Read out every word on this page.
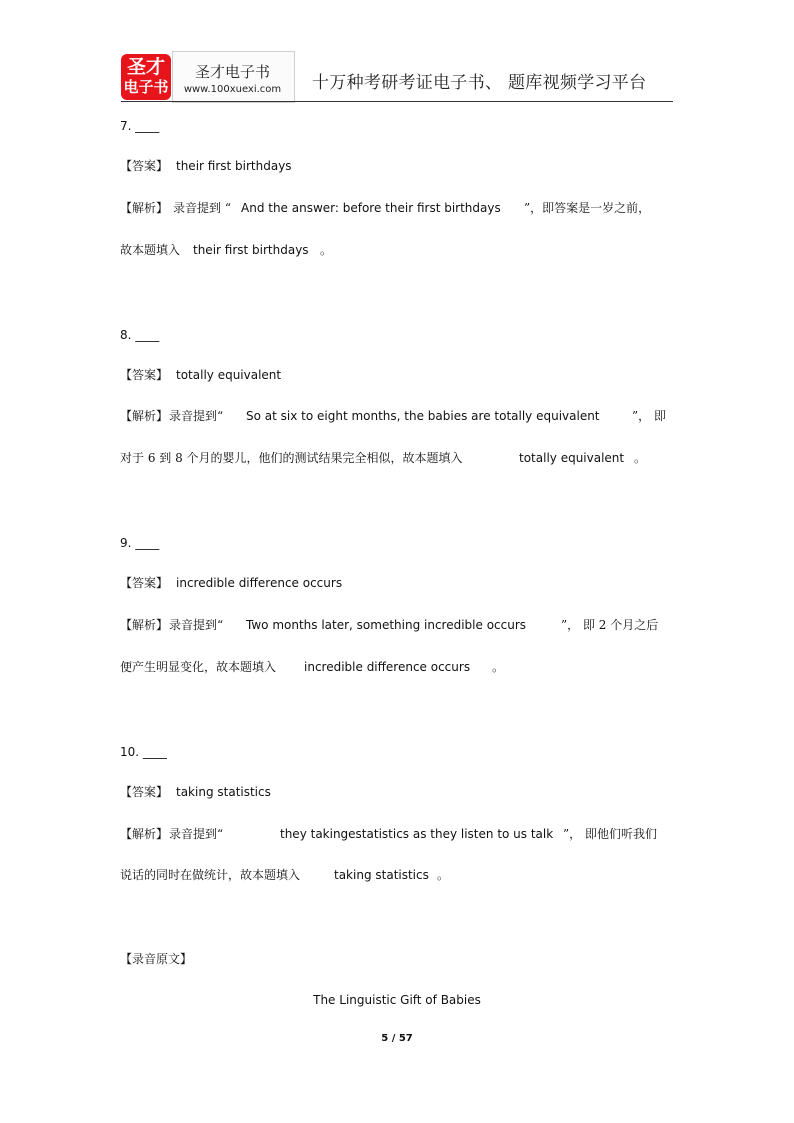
圣才
电子书
圣才电子书
www.100xuexi.com	十万种考研考证电子书、 题库视频学习平台
7. ____
【答案】 their first birthdays
【解析】 录音提到 “ And the answer: before their first birthdays ”，即答案是一岁之前，
故本题填入 their first birthdays 。
8. ____
【答案】 totally equivalent
【解析】 录音提到“ So at six to eight months, the babies are totally equivalent	”， 即
对于 6 到 8 个月的婴儿，他们的测试结果完全相似，故本题填入	totally equivalent 。
9. ____
【答案】 incredible difference occurs
【解析】 录音提到“ Two months later, something incredible occurs	”， 即 2 个月之后
便产生明显变化，故本题填入 incredible difference occurs 。
10. ____
【答案】 taking statistics
【解析】 录音提到“	they takingestatistics as they listen to us talk ”， 即他们听我们
说话的同时在做统计，故本题填入	taking statistics 。
【录音原文】
The Linguistic Gift of Babies
5 / 57
